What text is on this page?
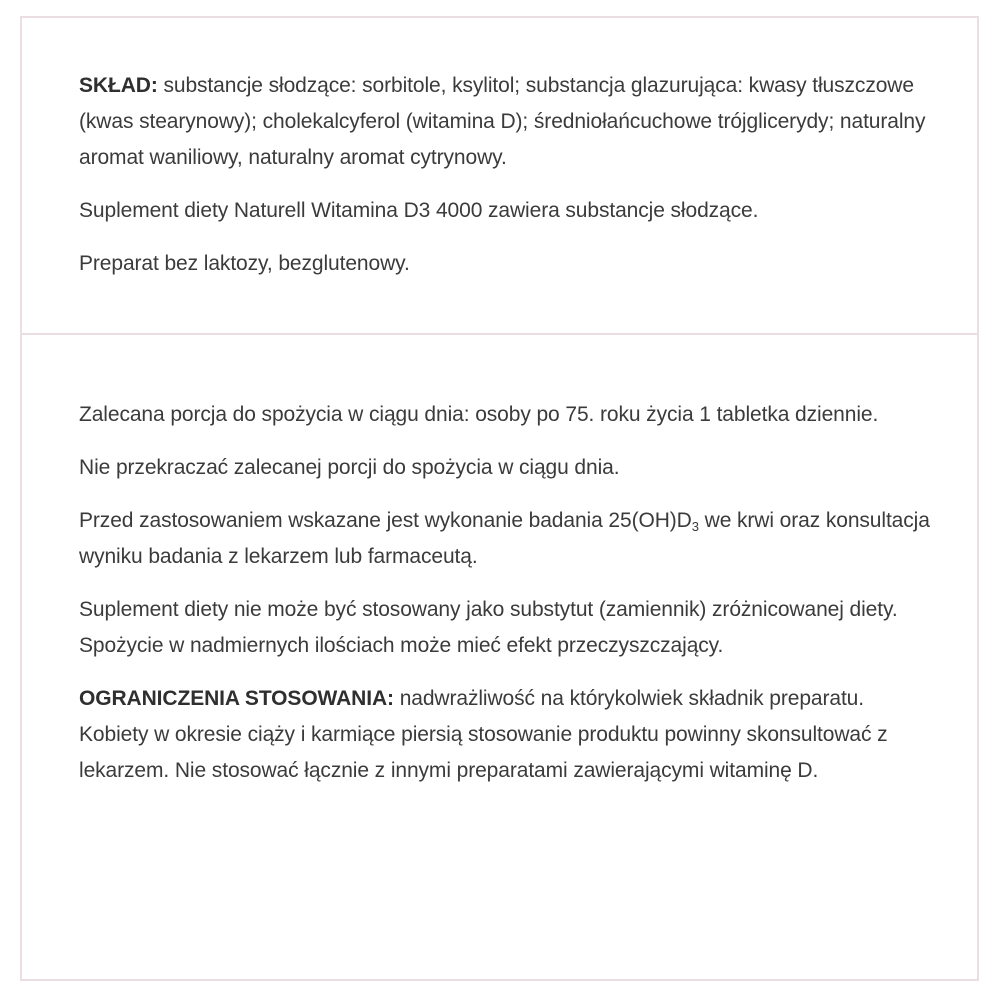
SKŁAD: substancje słodzące: sorbitole, ksylitol; substancja glazurująca: kwasy tłuszczowe (kwas stearynowy); cholekalcyferol (witamina D); średniołańcuchowe trójglicerydy; naturalny aromat waniliowy, naturalny aromat cytrynowy.

Suplement diety Naturell Witamina D3 4000 zawiera substancje słodzące.

Preparat bez laktozy, bezglutenowy.

Zalecana porcja do spożycia w ciągu dnia: osoby po 75. roku życia 1 tabletka dziennie.

Nie przekraczać zalecanej porcji do spożycia w ciągu dnia.

Przed zastosowaniem wskazane jest wykonanie badania $25(OH)D_3$ we krwi oraz konsultacja wyniku badania z lekarzem lub farmaceutą.

Suplement diety nie może być stosowany jako substytut (zamiennik) zróżnicowanej diety. Spożycie w nadmiernych ilościach może mieć efekt przeczyszczający.

OGRANICZENIA STOSOWANIA: nadwrażliwość na którykolwiek składnik preparatu. Kobiety w okresie ciąży i karmiące piersią stosowanie produktu powinny skonsultować z lekarzem. Nie stosować łącznie z innymi preparatami zawierającymi witaminę D.
